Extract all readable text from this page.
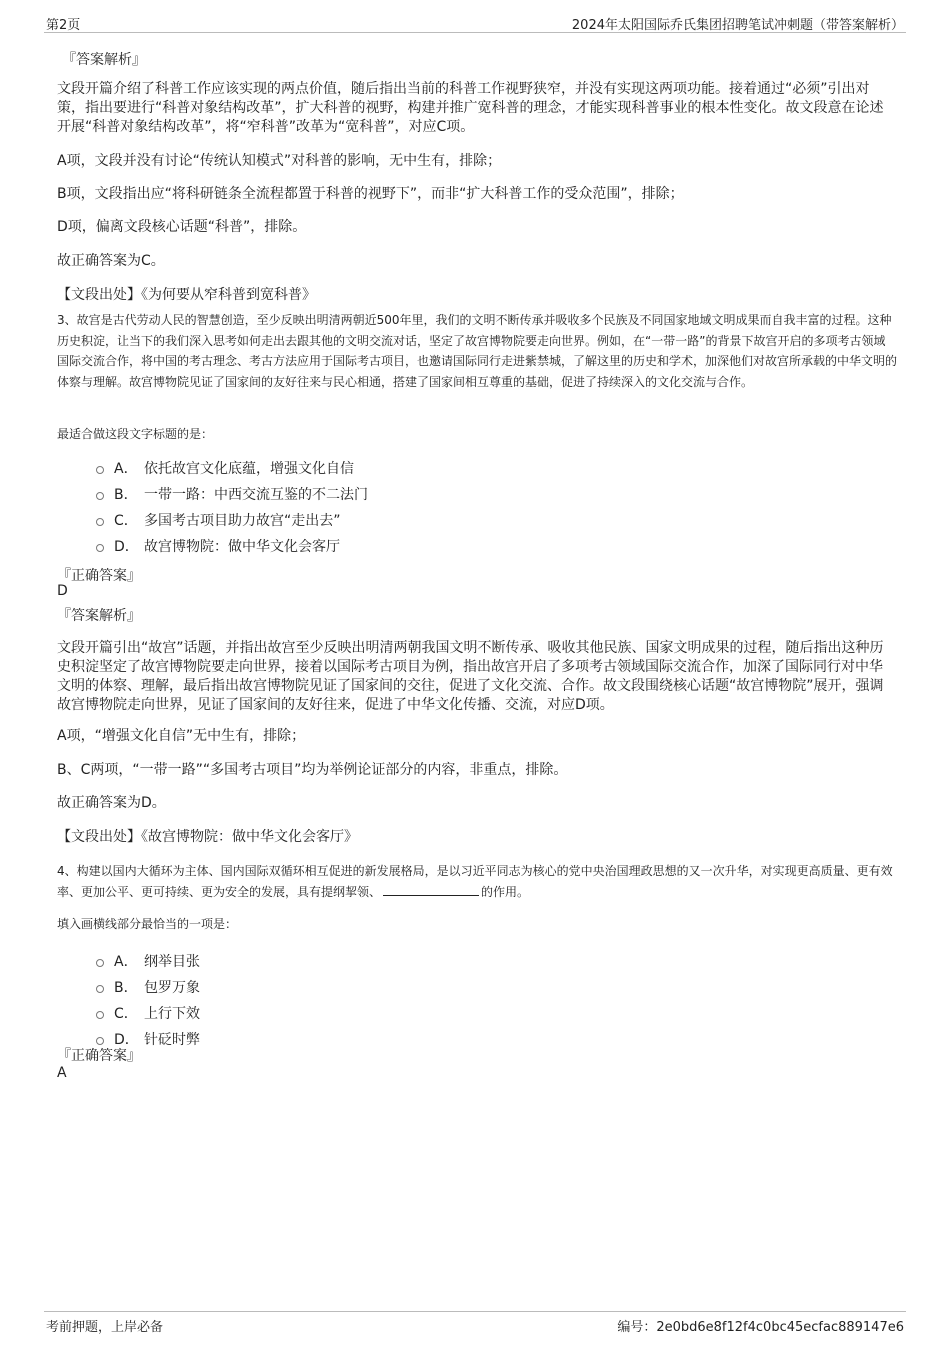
第2页	2024年太阳国际乔氏集团招聘笔试冲刺题（带答案解析）
『答案解析』
文段开篇介绍了科普工作应该实现的两点价值，随后指出当前的科普工作视野狭窄，并没有实现这两项功能。接着通过“必须”引出对策，指出要进行“科普对象结构改革”，扩大科普的视野，构建并推广宽科普的理念，才能实现科普事业的根本性变化。故文段意在论述开展“科普对象结构改革”，将“窄科普”改革为“宽科普”，对应C项。
A项，文段并没有讨论“传统认知模式”对科普的影响，无中生有，排除；
B项，文段指出应“将科研链条全流程都置于科普的视野下”，而非“扩大科普工作的受众范围”，排除；
D项，偏离文段核心话题“科普”，排除。
故正确答案为C。
【文段出处】《为何要从窄科普到宽科普》
3、故宫是古代劳动人民的智慧创造，至少反映出明清两朝近500年里，我们的文明不断传承并吸收多个民族及不同国家地域文明成果而自我丰富的过程。这种历史积淀，让当下的我们深入思考如何走出去跟其他的文明交流对话，坚定了故宫博物院要走向世界。例如，在“一带一路”的背景下故宫开启的多项考古领域国际交流合作，将中国的考古理念、考古方法应用于国际考古项目，也邀请国际同行走进紫禁城，了解这里的历史和学术，加深他们对故宫所承载的中华文明的体察与理解。故宫博物院见证了国家间的友好往来与民心相通，搭建了国家间相互尊重的基础，促进了持续深入的文化交流与合作。
最适合做这段文字标题的是：
A． 依托故宫文化底蕴，增强文化自信
B． 一带一路：中西交流互鉴的不二法门
C． 多国考古项目助力故宫“走出去”
D． 故宫博物院：做中华文化会客厅
『正确答案』
D
『答案解析』
文段开篇引出“故宫”话题，并指出故宫至少反映出明清两朝我国文明不断传承、吸收其他民族、国家文明成果的过程，随后指出这种历史积淀坚定了故宫博物院要走向世界，接着以国际考古项目为例，指出故宫开启了多项考古领域国际交流合作，加深了国际同行对中华文明的体察、理解，最后指出故宫博物院见证了国家间的交往，促进了文化交流、合作。故文段围绕核心话题“故宫博物院”展开，强调故宫博物院走向世界，见证了国家间的友好往来，促进了中华文化传播、交流，对应D项。
A项，“增强文化自信”无中生有，排除；
B、C两项，“一带一路”“多国考古项目”均为举例论证部分的内容，非重点，排除。
故正确答案为D。
【文段出处】《故宫博物院：做中华文化会客厅》
4、构建以国内大循环为主体、国内国际双循环相互促进的新发展格局，是以习近平同志为核心的党中央治国理政思想的又一次升华，对实现更高质量、更有效率、更加公平、更可持续、更为安全的发展，具有提纲挈领、	的作用。
填入画横线部分最恰当的一项是：
A． 纲举目张
B． 包罗万象
C． 上行下效
D． 针砭时弊
『正确答案』
A
考前押题，上岸必备	编号：2e0bd6e8f12f4c0bc45ecfac889147e6
